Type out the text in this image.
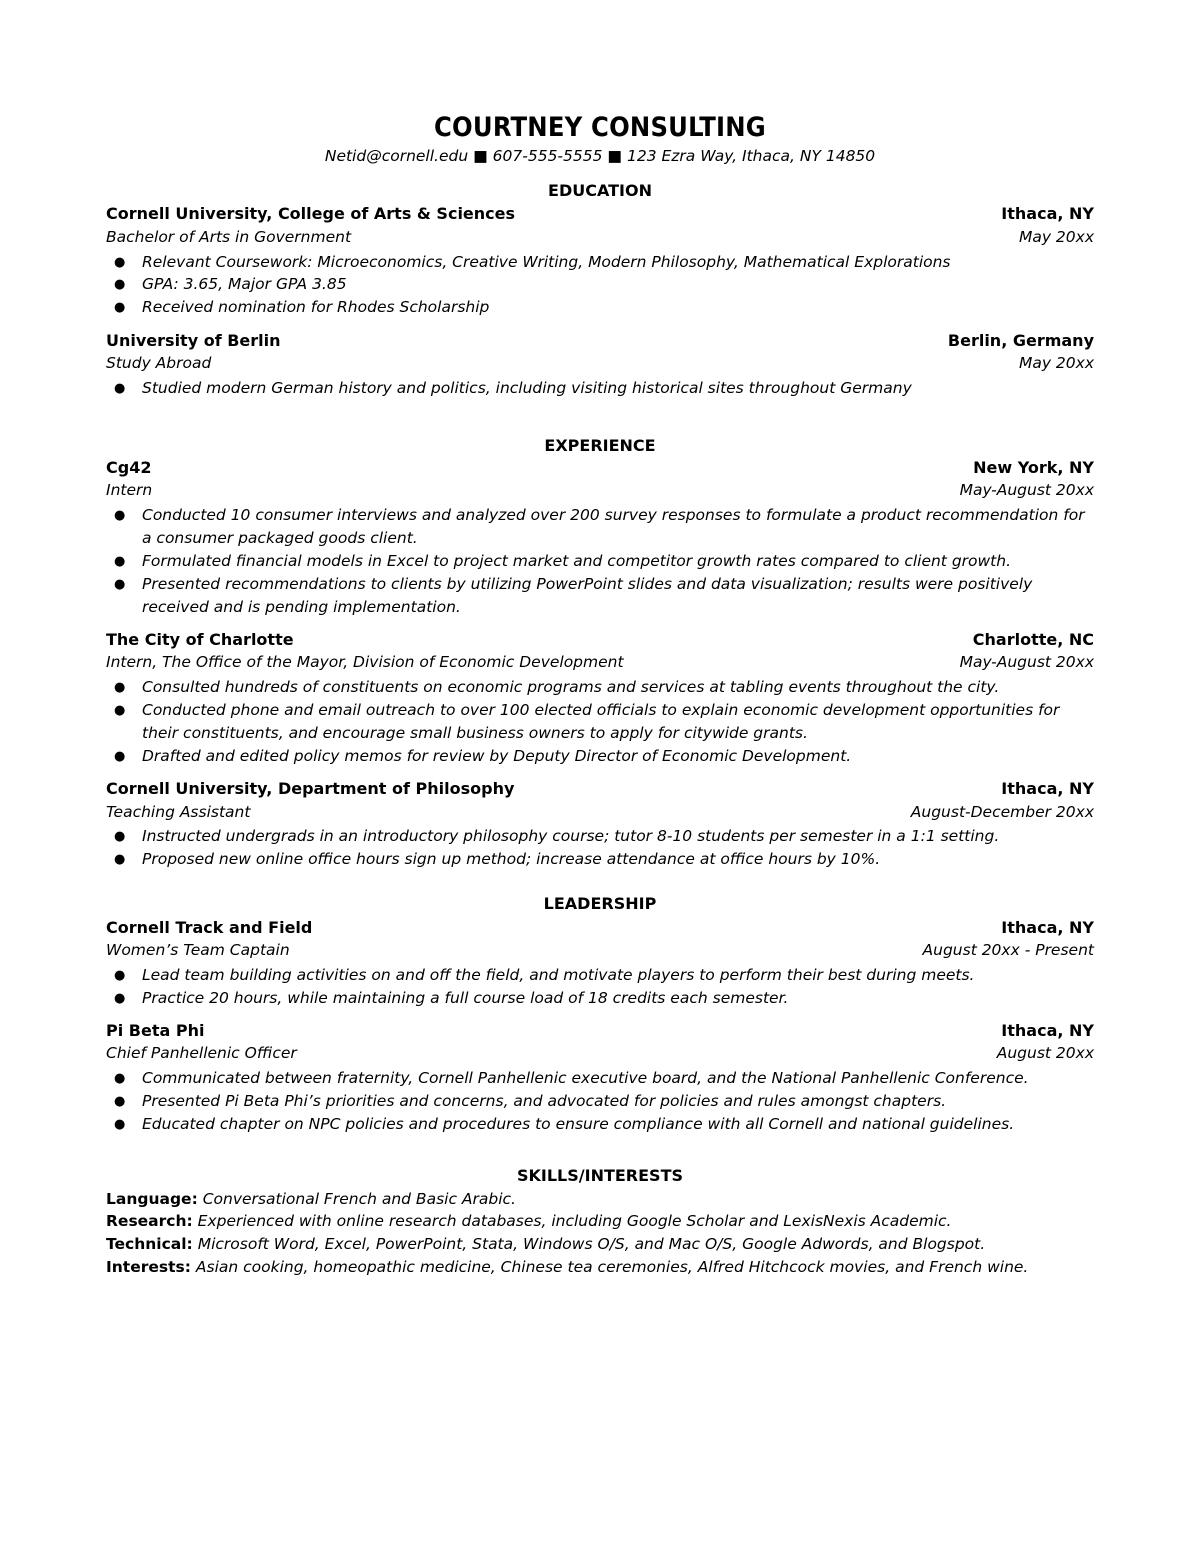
COURTNEY CONSULTING
Netid@cornell.edu ■ 607-555-5555 ■ 123 Ezra Way, Ithaca, NY 14850
EDUCATION
Cornell University, College of Arts & Sciences	Ithaca, NY
Bachelor of Arts in Government	May 20xx
● Relevant Coursework: Microeconomics, Creative Writing, Modern Philosophy, Mathematical Explorations
● GPA: 3.65, Major GPA 3.85
● Received nomination for Rhodes Scholarship
University of Berlin	Berlin, Germany
Study Abroad	May 20xx
● Studied modern German history and politics, including visiting historical sites throughout Germany
EXPERIENCE
Cg42	New York, NY
Intern	May-August 20xx
● Conducted 10 consumer interviews and analyzed over 200 survey responses to formulate a product recommendation for a consumer packaged goods client.
● Formulated financial models in Excel to project market and competitor growth rates compared to client growth.
● Presented recommendations to clients by utilizing PowerPoint slides and data visualization; results were positively received and is pending implementation.
The City of Charlotte	Charlotte, NC
Intern, The Office of the Mayor, Division of Economic Development	May-August 20xx
● Consulted hundreds of constituents on economic programs and services at tabling events throughout the city.
● Conducted phone and email outreach to over 100 elected officials to explain economic development opportunities for their constituents, and encourage small business owners to apply for citywide grants.
● Drafted and edited policy memos for review by Deputy Director of Economic Development.
Cornell University, Department of Philosophy	Ithaca, NY
Teaching Assistant	August-December 20xx
● Instructed undergrads in an introductory philosophy course; tutor 8-10 students per semester in a 1:1 setting.
● Proposed new online office hours sign up method; increase attendance at office hours by 10%.
LEADERSHIP
Cornell Track and Field	Ithaca, NY
Women’s Team Captain	August 20xx - Present
● Lead team building activities on and off the field, and motivate players to perform their best during meets.
● Practice 20 hours, while maintaining a full course load of 18 credits each semester.
Pi Beta Phi	Ithaca, NY
Chief Panhellenic Officer	August 20xx
● Communicated between fraternity, Cornell Panhellenic executive board, and the National Panhellenic Conference.
● Presented Pi Beta Phi’s priorities and concerns, and advocated for policies and rules amongst chapters.
● Educated chapter on NPC policies and procedures to ensure compliance with all Cornell and national guidelines.
SKILLS/INTERESTS
Language: Conversational French and Basic Arabic.
Research: Experienced with online research databases, including Google Scholar and LexisNexis Academic.
Technical: Microsoft Word, Excel, PowerPoint, Stata, Windows O/S, and Mac O/S, Google Adwords, and Blogspot.
Interests: Asian cooking, homeopathic medicine, Chinese tea ceremonies, Alfred Hitchcock movies, and French wine.
